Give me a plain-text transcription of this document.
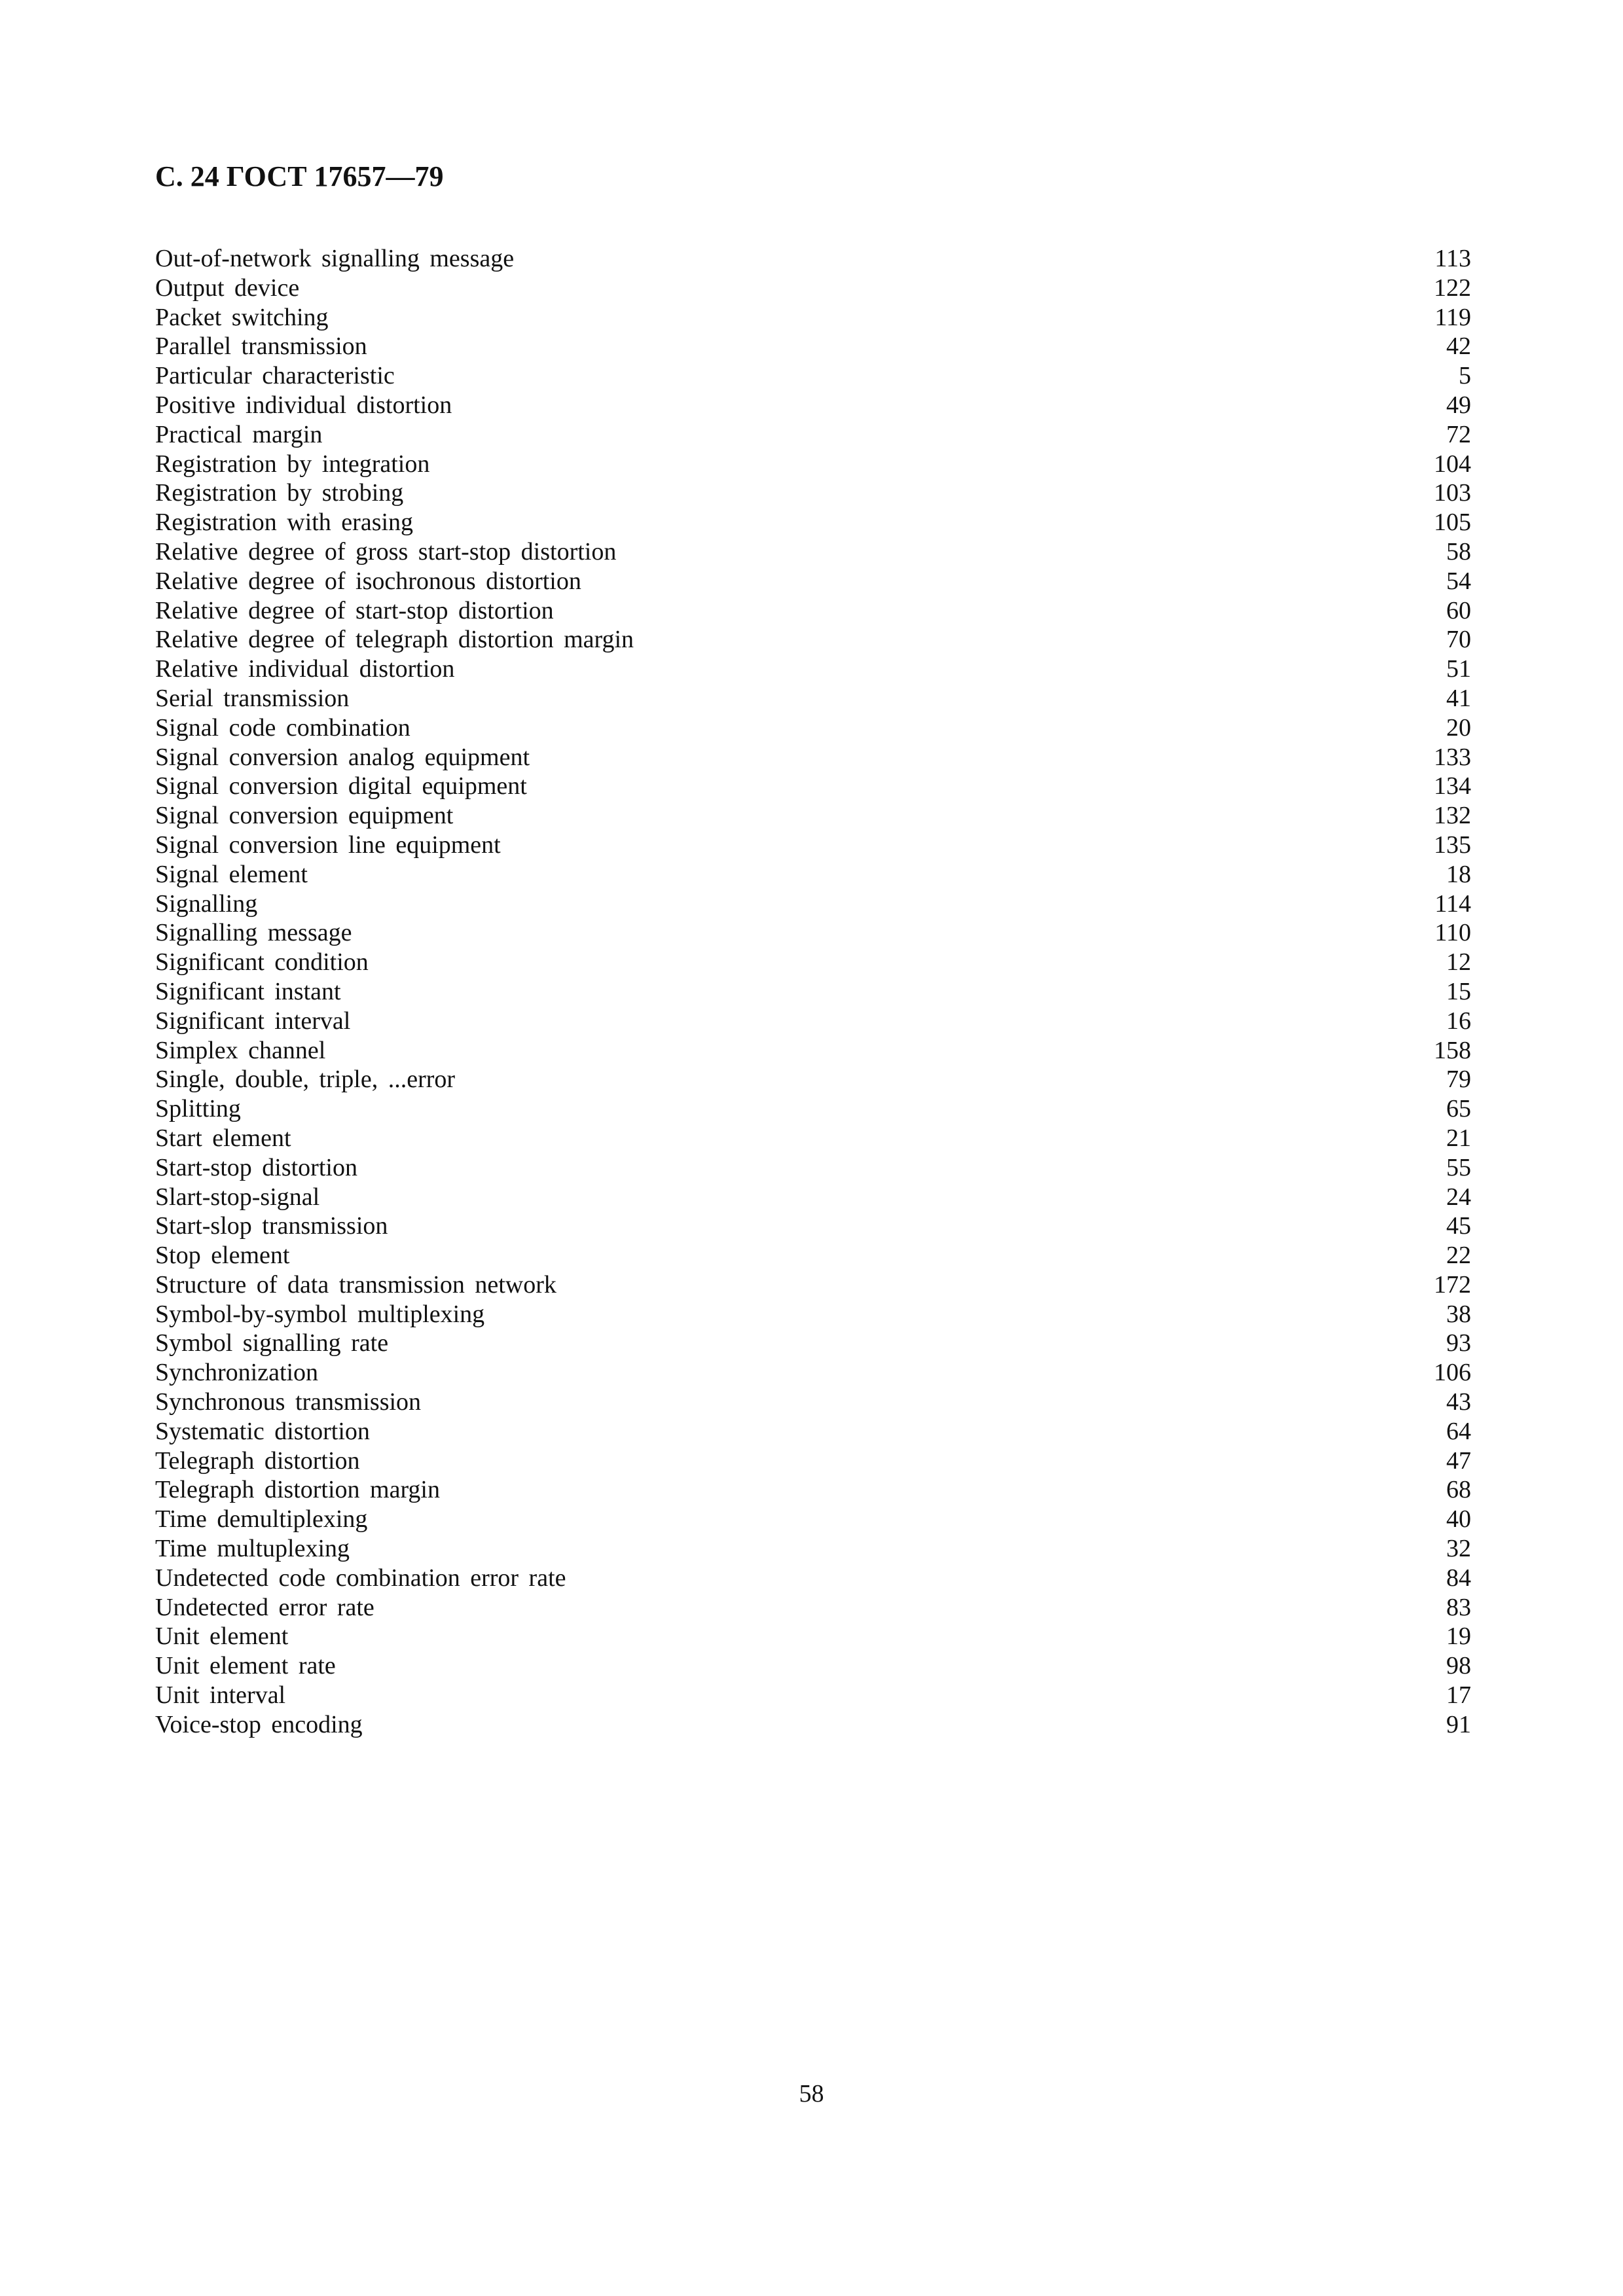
С. 24 ГОСТ 17657—79
Out-of-network signalling message	113
Output device	122
Packet switching	119
Parallel transmission	42
Particular characteristic	5
Positive individual distortion	49
Practical margin	72
Registration by integration	104
Registration by strobing	103
Registration with erasing	105
Relative degree of gross start-stop distortion	58
Relative degree of isochronous distortion	54
Relative degree of start-stop distortion	60
Relative degree of telegraph distortion margin	70
Relative individual distortion	51
Serial transmission	41
Signal code combination	20
Signal conversion analog equipment	133
Signal conversion digital equipment	134
Signal conversion equipment	132
Signal conversion line equipment	135
Signal element	18
Signalling	114
Signalling message	110
Significant condition	12
Significant instant	15
Significant interval	16
Simplex channel	158
Single, double, triple, ...error	79
Splitting	65
Start element	21
Start-stop distortion	55
Slart-stop-signal	24
Start-slop transmission	45
Stop element	22
Structure of data transmission network	172
Symbol-by-symbol multiplexing	38
Symbol signalling rate	93
Synchronization	106
Synchronous transmission	43
Systematic distortion	64
Telegraph distortion	47
Telegraph distortion margin	68
Time demultiplexing	40
Time multuplexing	32
Undetected code combination error rate	84
Undetected error rate	83
Unit element	19
Unit element rate	98
Unit interval	17
Voice-stop encoding	91
58
